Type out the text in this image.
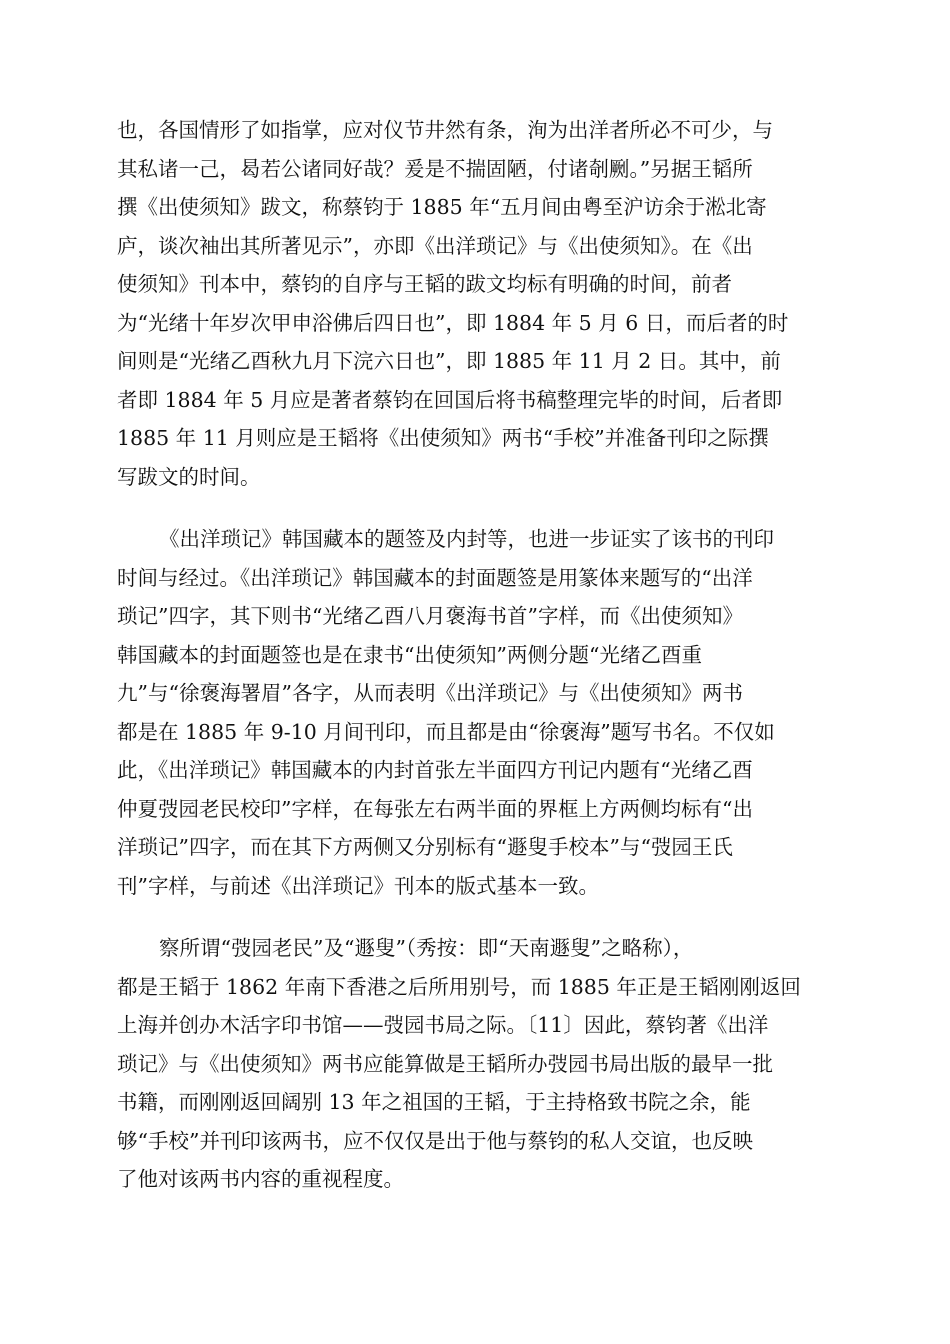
也，各国情形了如指掌，应对仪节井然有条，洵为出洋者所必不可少，与
其私诸一己，曷若公诸同好哉？爰是不揣固陋，付诸剞劂。”另据王韬所
撰《出使须知》跋文，称蔡钧于 1885 年“五月间由粤至沪访余于淞北寄
庐，谈次袖出其所著见示”，亦即《出洋琐记》与《出使须知》。在《出
使须知》刊本中，蔡钧的自序与王韬的跋文均标有明确的时间，前者
为“光绪十年岁次甲申浴佛后四日也”，即 1884 年 5 月 6 日，而后者的时
间则是“光绪乙酉秋九月下浣六日也”，即 1885 年 11 月 2 日。其中，前
者即 1884 年 5 月应是著者蔡钧在回国后将书稿整理完毕的时间，后者即
1885 年 11 月则应是王韬将《出使须知》两书“手校”并准备刊印之际撰
写跋文的时间。

《出洋琐记》韩国藏本的题签及内封等，也进一步证实了该书的刊印
时间与经过。《出洋琐记》韩国藏本的封面题签是用篆体来题写的“出洋
琐记”四字，其下则书“光绪乙酉八月褒海书首”字样，而《出使须知》
韩国藏本的封面题签也是在隶书“出使须知”两侧分题“光绪乙酉重
九”与“徐褒海署眉”各字，从而表明《出洋琐记》与《出使须知》两书
都是在 1885 年 9-10 月间刊印，而且都是由“徐褒海”题写书名。不仅如
此，《出洋琐记》韩国藏本的内封首张左半面四方刊记内题有“光绪乙酉
仲夏弢园老民校印”字样，在每张左右两半面的界框上方两侧均标有“出
洋琐记”四字，而在其下方两侧又分别标有“遯叟手校本”与“弢园王氏
刊”字样，与前述《出洋琐记》刊本的版式基本一致。

察所谓“弢园老民”及“遯叟”（秀按：即“天南遯叟”之略称），
都是王韬于 1862 年南下香港之后所用别号，而 1885 年正是王韬刚刚返回
上海并创办木活字印书馆——弢园书局之际。〔11〕因此，蔡钧著《出洋
琐记》与《出使须知》两书应能算做是王韬所办弢园书局出版的最早一批
书籍，而刚刚返回阔别 13 年之祖国的王韬，于主持格致书院之余，能
够“手校”并刊印该两书，应不仅仅是出于他与蔡钧的私人交谊，也反映
了他对该两书内容的重视程度。
